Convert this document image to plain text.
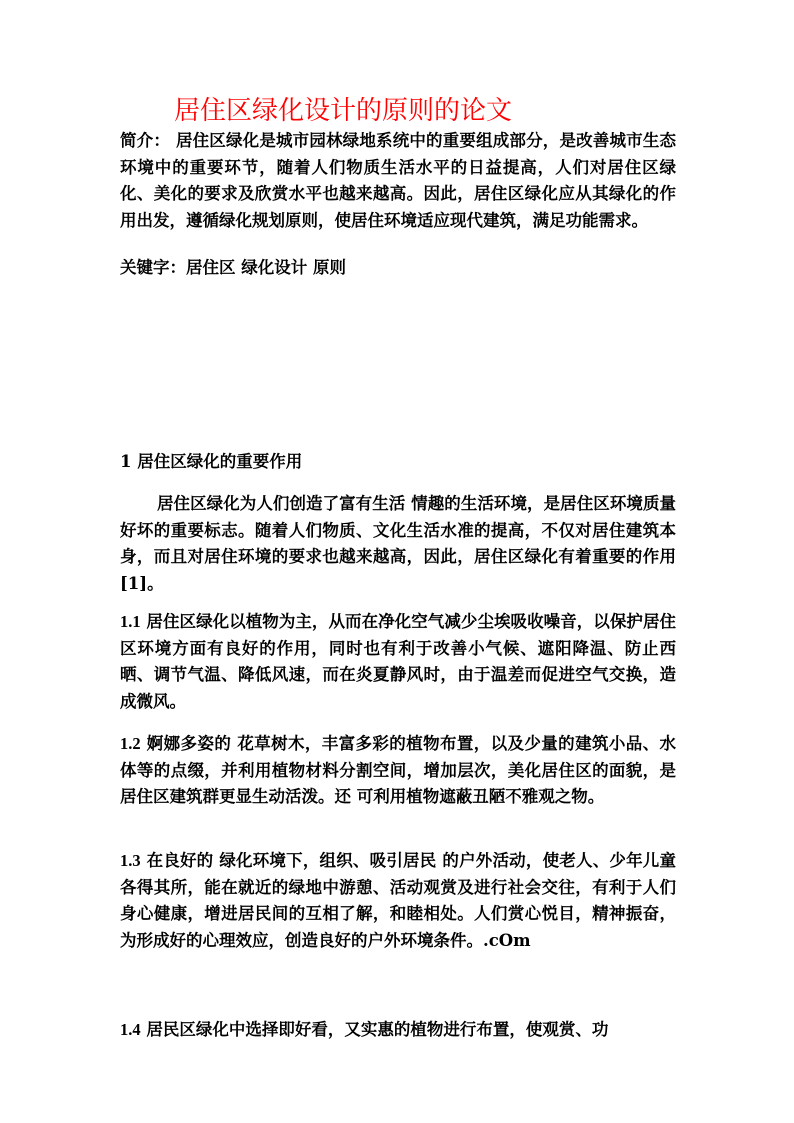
居住区绿化设计的原则的论文

简介： 居住区绿化是城市园林绿地系统中的重要组成部分，是改善城市生态环境中的重要环节，随着人们物质生活水平的日益提高，人们对居住区绿化、美化的要求及欣赏水平也越来越高。因此，居住区绿化应从其绿化的作用出发，遵循绿化规划原则，使居住环境适应现代建筑，满足功能需求。

关键字：居住区 绿化设计 原则

1 居住区绿化的重要作用

居住区绿化为人们创造了富有生活 情趣的生活环境，是居住区环境质量好坏的重要标志。随着人们物质、文化生活水准的提高，不仅对居住建筑本身，而且对居住环境的要求也越来越高，因此，居住区绿化有着重要的作用[1]。

1.1 居住区绿化以植物为主，从而在净化空气减少尘埃吸收噪音，以保护居住区环境方面有良好的作用，同时也有利于改善小气候、遮阳降温、防止西晒、调节气温、降低风速，而在炎夏静风时，由于温差而促进空气交换，造成微风。

1.2 婀娜多姿的 花草树木，丰富多彩的植物布置，以及少量的建筑小品、水体等的点缀，并利用植物材料分割空间，增加层次，美化居住区的面貌，是居住区建筑群更显生动活泼。还 可利用植物遮蔽丑陋不雅观之物。

1.3 在良好的 绿化环境下，组织、吸引居民 的户外活动，使老人、少年儿童各得其所，能在就近的绿地中游憩、活动观赏及进行社会交往，有利于人们身心健康，增进居民间的互相了解，和睦相处。人们赏心悦目，精神振奋，为形成好的心理效应，创造良好的户外环境条件。.cOm

1.4 居民区绿化中选择即好看，又实惠的植物进行布置，使观赏、功
